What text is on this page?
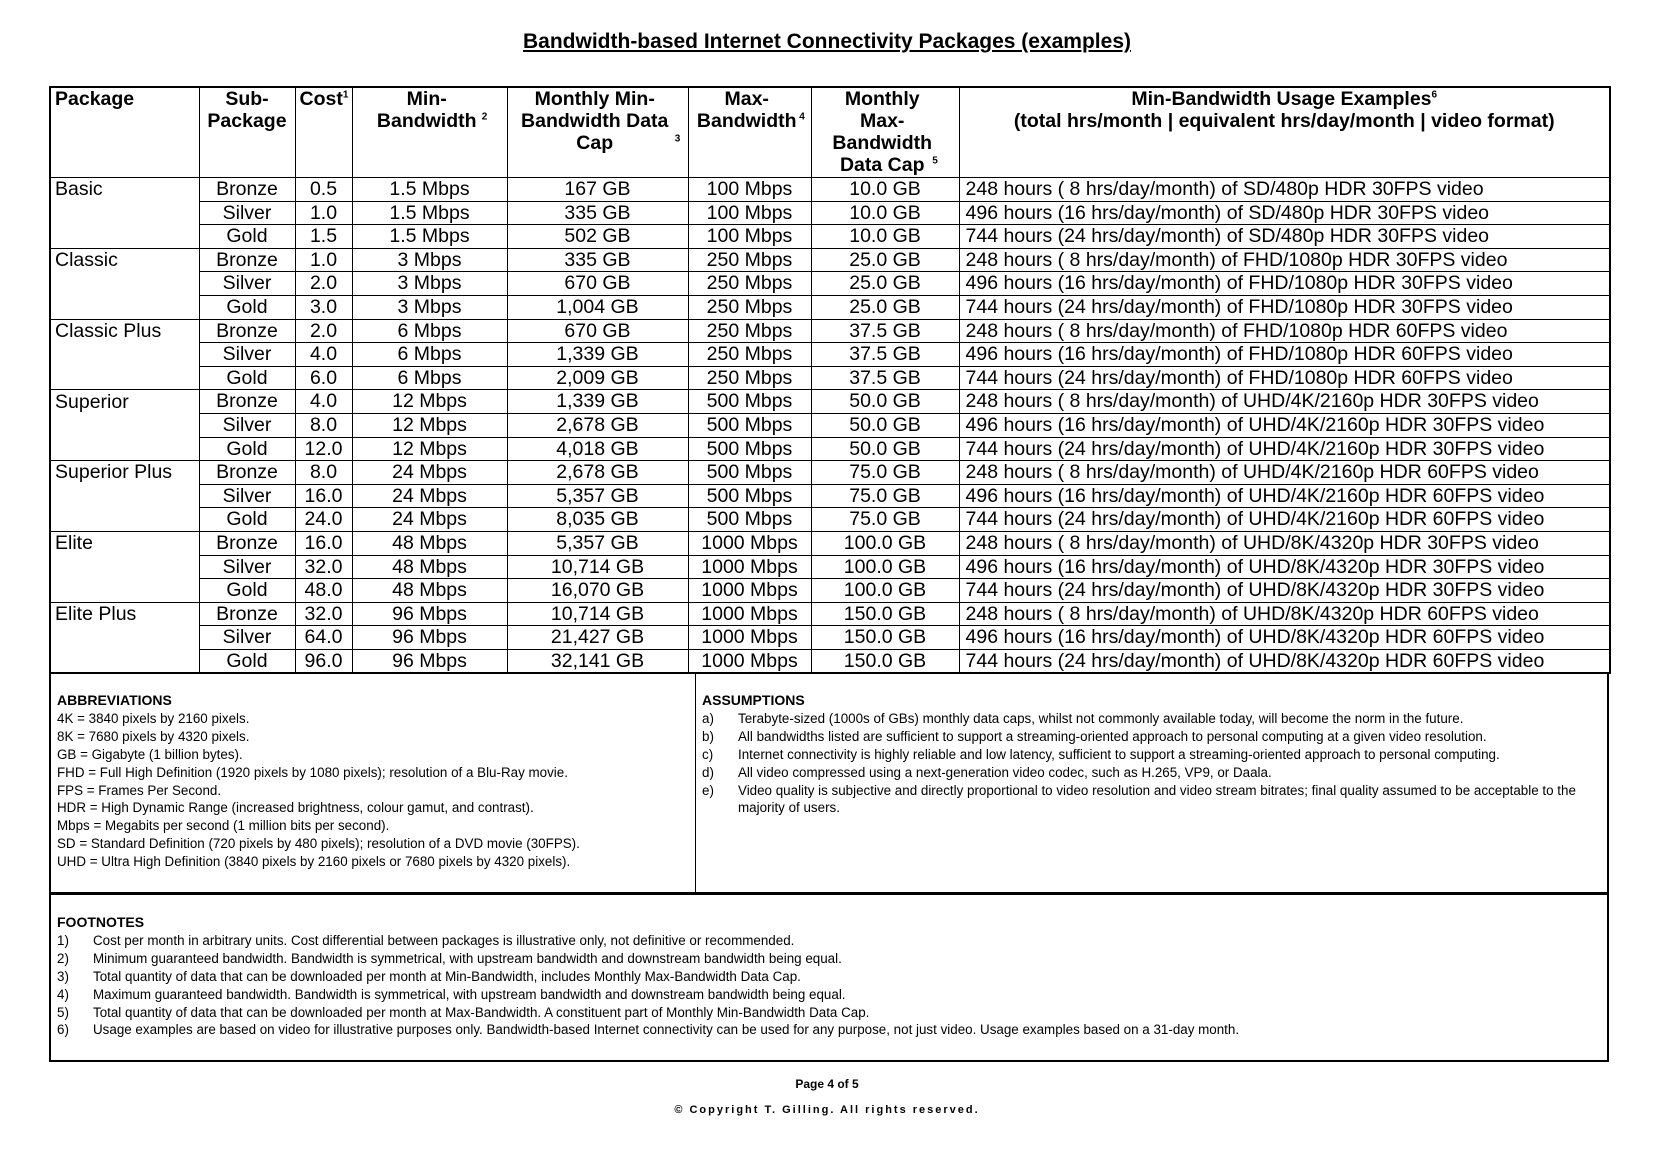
Bandwidth-based Internet Connectivity Packages (examples)
Package	Sub-Package	Cost$^1$	Min-Bandwidth $^2$	Monthly Min-Bandwidth Data Cap $^3$	Max-Bandwidth $^4$	Monthly Max-Bandwidth Data Cap $^5$	Min-Bandwidth Usage Examples$^6$
(total hrs/month | equivalent hrs/day/month | video format)
Basic	Bronze	0.5	1.5 Mbps	167 GB	100 Mbps	10.0 GB	248 hours ( 8 hrs/day/month) of SD/480p HDR 30FPS video
	Silver	1.0	1.5 Mbps	335 GB	100 Mbps	10.0 GB	496 hours (16 hrs/day/month) of SD/480p HDR 30FPS video
	Gold	1.5	1.5 Mbps	502 GB	100 Mbps	10.0 GB	744 hours (24 hrs/day/month) of SD/480p HDR 30FPS video
Classic	Bronze	1.0	3 Mbps	335 GB	250 Mbps	25.0 GB	248 hours ( 8 hrs/day/month) of FHD/1080p HDR 30FPS video
	Silver	2.0	3 Mbps	670 GB	250 Mbps	25.0 GB	496 hours (16 hrs/day/month) of FHD/1080p HDR 30FPS video
	Gold	3.0	3 Mbps	1,004 GB	250 Mbps	25.0 GB	744 hours (24 hrs/day/month) of FHD/1080p HDR 30FPS video
Classic Plus	Bronze	2.0	6 Mbps	670 GB	250 Mbps	37.5 GB	248 hours ( 8 hrs/day/month) of FHD/1080p HDR 60FPS video
	Silver	4.0	6 Mbps	1,339 GB	250 Mbps	37.5 GB	496 hours (16 hrs/day/month) of FHD/1080p HDR 60FPS video
	Gold	6.0	6 Mbps	2,009 GB	250 Mbps	37.5 GB	744 hours (24 hrs/day/month) of FHD/1080p HDR 60FPS video
Superior	Bronze	4.0	12 Mbps	1,339 GB	500 Mbps	50.0 GB	248 hours ( 8 hrs/day/month) of UHD/4K/2160p HDR 30FPS video
	Silver	8.0	12 Mbps	2,678 GB	500 Mbps	50.0 GB	496 hours (16 hrs/day/month) of UHD/4K/2160p HDR 30FPS video
	Gold	12.0	12 Mbps	4,018 GB	500 Mbps	50.0 GB	744 hours (24 hrs/day/month) of UHD/4K/2160p HDR 30FPS video
Superior Plus	Bronze	8.0	24 Mbps	2,678 GB	500 Mbps	75.0 GB	248 hours ( 8 hrs/day/month) of UHD/4K/2160p HDR 60FPS video
	Silver	16.0	24 Mbps	5,357 GB	500 Mbps	75.0 GB	496 hours (16 hrs/day/month) of UHD/4K/2160p HDR 60FPS video
	Gold	24.0	24 Mbps	8,035 GB	500 Mbps	75.0 GB	744 hours (24 hrs/day/month) of UHD/4K/2160p HDR 60FPS video
Elite	Bronze	16.0	48 Mbps	5,357 GB	1000 Mbps	100.0 GB	248 hours ( 8 hrs/day/month) of UHD/8K/4320p HDR 30FPS video
	Silver	32.0	48 Mbps	10,714 GB	1000 Mbps	100.0 GB	496 hours (16 hrs/day/month) of UHD/8K/4320p HDR 30FPS video
	Gold	48.0	48 Mbps	16,070 GB	1000 Mbps	100.0 GB	744 hours (24 hrs/day/month) of UHD/8K/4320p HDR 30FPS video
Elite Plus	Bronze	32.0	96 Mbps	10,714 GB	1000 Mbps	150.0 GB	248 hours ( 8 hrs/day/month) of UHD/8K/4320p HDR 60FPS video
	Silver	64.0	96 Mbps	21,427 GB	1000 Mbps	150.0 GB	496 hours (16 hrs/day/month) of UHD/8K/4320p HDR 60FPS video
	Gold	96.0	96 Mbps	32,141 GB	1000 Mbps	150.0 GB	744 hours (24 hrs/day/month) of UHD/8K/4320p HDR 60FPS video
ABBREVIATIONS
4K = 3840 pixels by 2160 pixels.
8K = 7680 pixels by 4320 pixels.
GB = Gigabyte (1 billion bytes).
FHD = Full High Definition (1920 pixels by 1080 pixels); resolution of a Blu-Ray movie.
FPS = Frames Per Second.
HDR = High Dynamic Range (increased brightness, colour gamut, and contrast).
Mbps = Megabits per second (1 million bits per second).
SD = Standard Definition (720 pixels by 480 pixels); resolution of a DVD movie (30FPS).
UHD = Ultra High Definition (3840 pixels by 2160 pixels or 7680 pixels by 4320 pixels).
ASSUMPTIONS
a)	Terabyte-sized (1000s of GBs) monthly data caps, whilst not commonly available today, will become the norm in the future.
b)	All bandwidths listed are sufficient to support a streaming-oriented approach to personal computing at a given video resolution.
c)	Internet connectivity is highly reliable and low latency, sufficient to support a streaming-oriented approach to personal computing.
d)	All video compressed using a next-generation video codec, such as H.265, VP9, or Daala.
e)	Video quality is subjective and directly proportional to video resolution and video stream bitrates; final quality assumed to be acceptable to the majority of users.
FOOTNOTES
1)	Cost per month in arbitrary units. Cost differential between packages is illustrative only, not definitive or recommended.
2)	Minimum guaranteed bandwidth. Bandwidth is symmetrical, with upstream bandwidth and downstream bandwidth being equal.
3)	Total quantity of data that can be downloaded per month at Min-Bandwidth, includes Monthly Max-Bandwidth Data Cap.
4)	Maximum guaranteed bandwidth. Bandwidth is symmetrical, with upstream bandwidth and downstream bandwidth being equal.
5)	Total quantity of data that can be downloaded per month at Max-Bandwidth. A constituent part of Monthly Min-Bandwidth Data Cap.
6)	Usage examples are based on video for illustrative purposes only. Bandwidth-based Internet connectivity can be used for any purpose, not just video. Usage examples based on a 31-day month.
Page 4 of 5
© Copyright T. Gilling. All rights reserved.
